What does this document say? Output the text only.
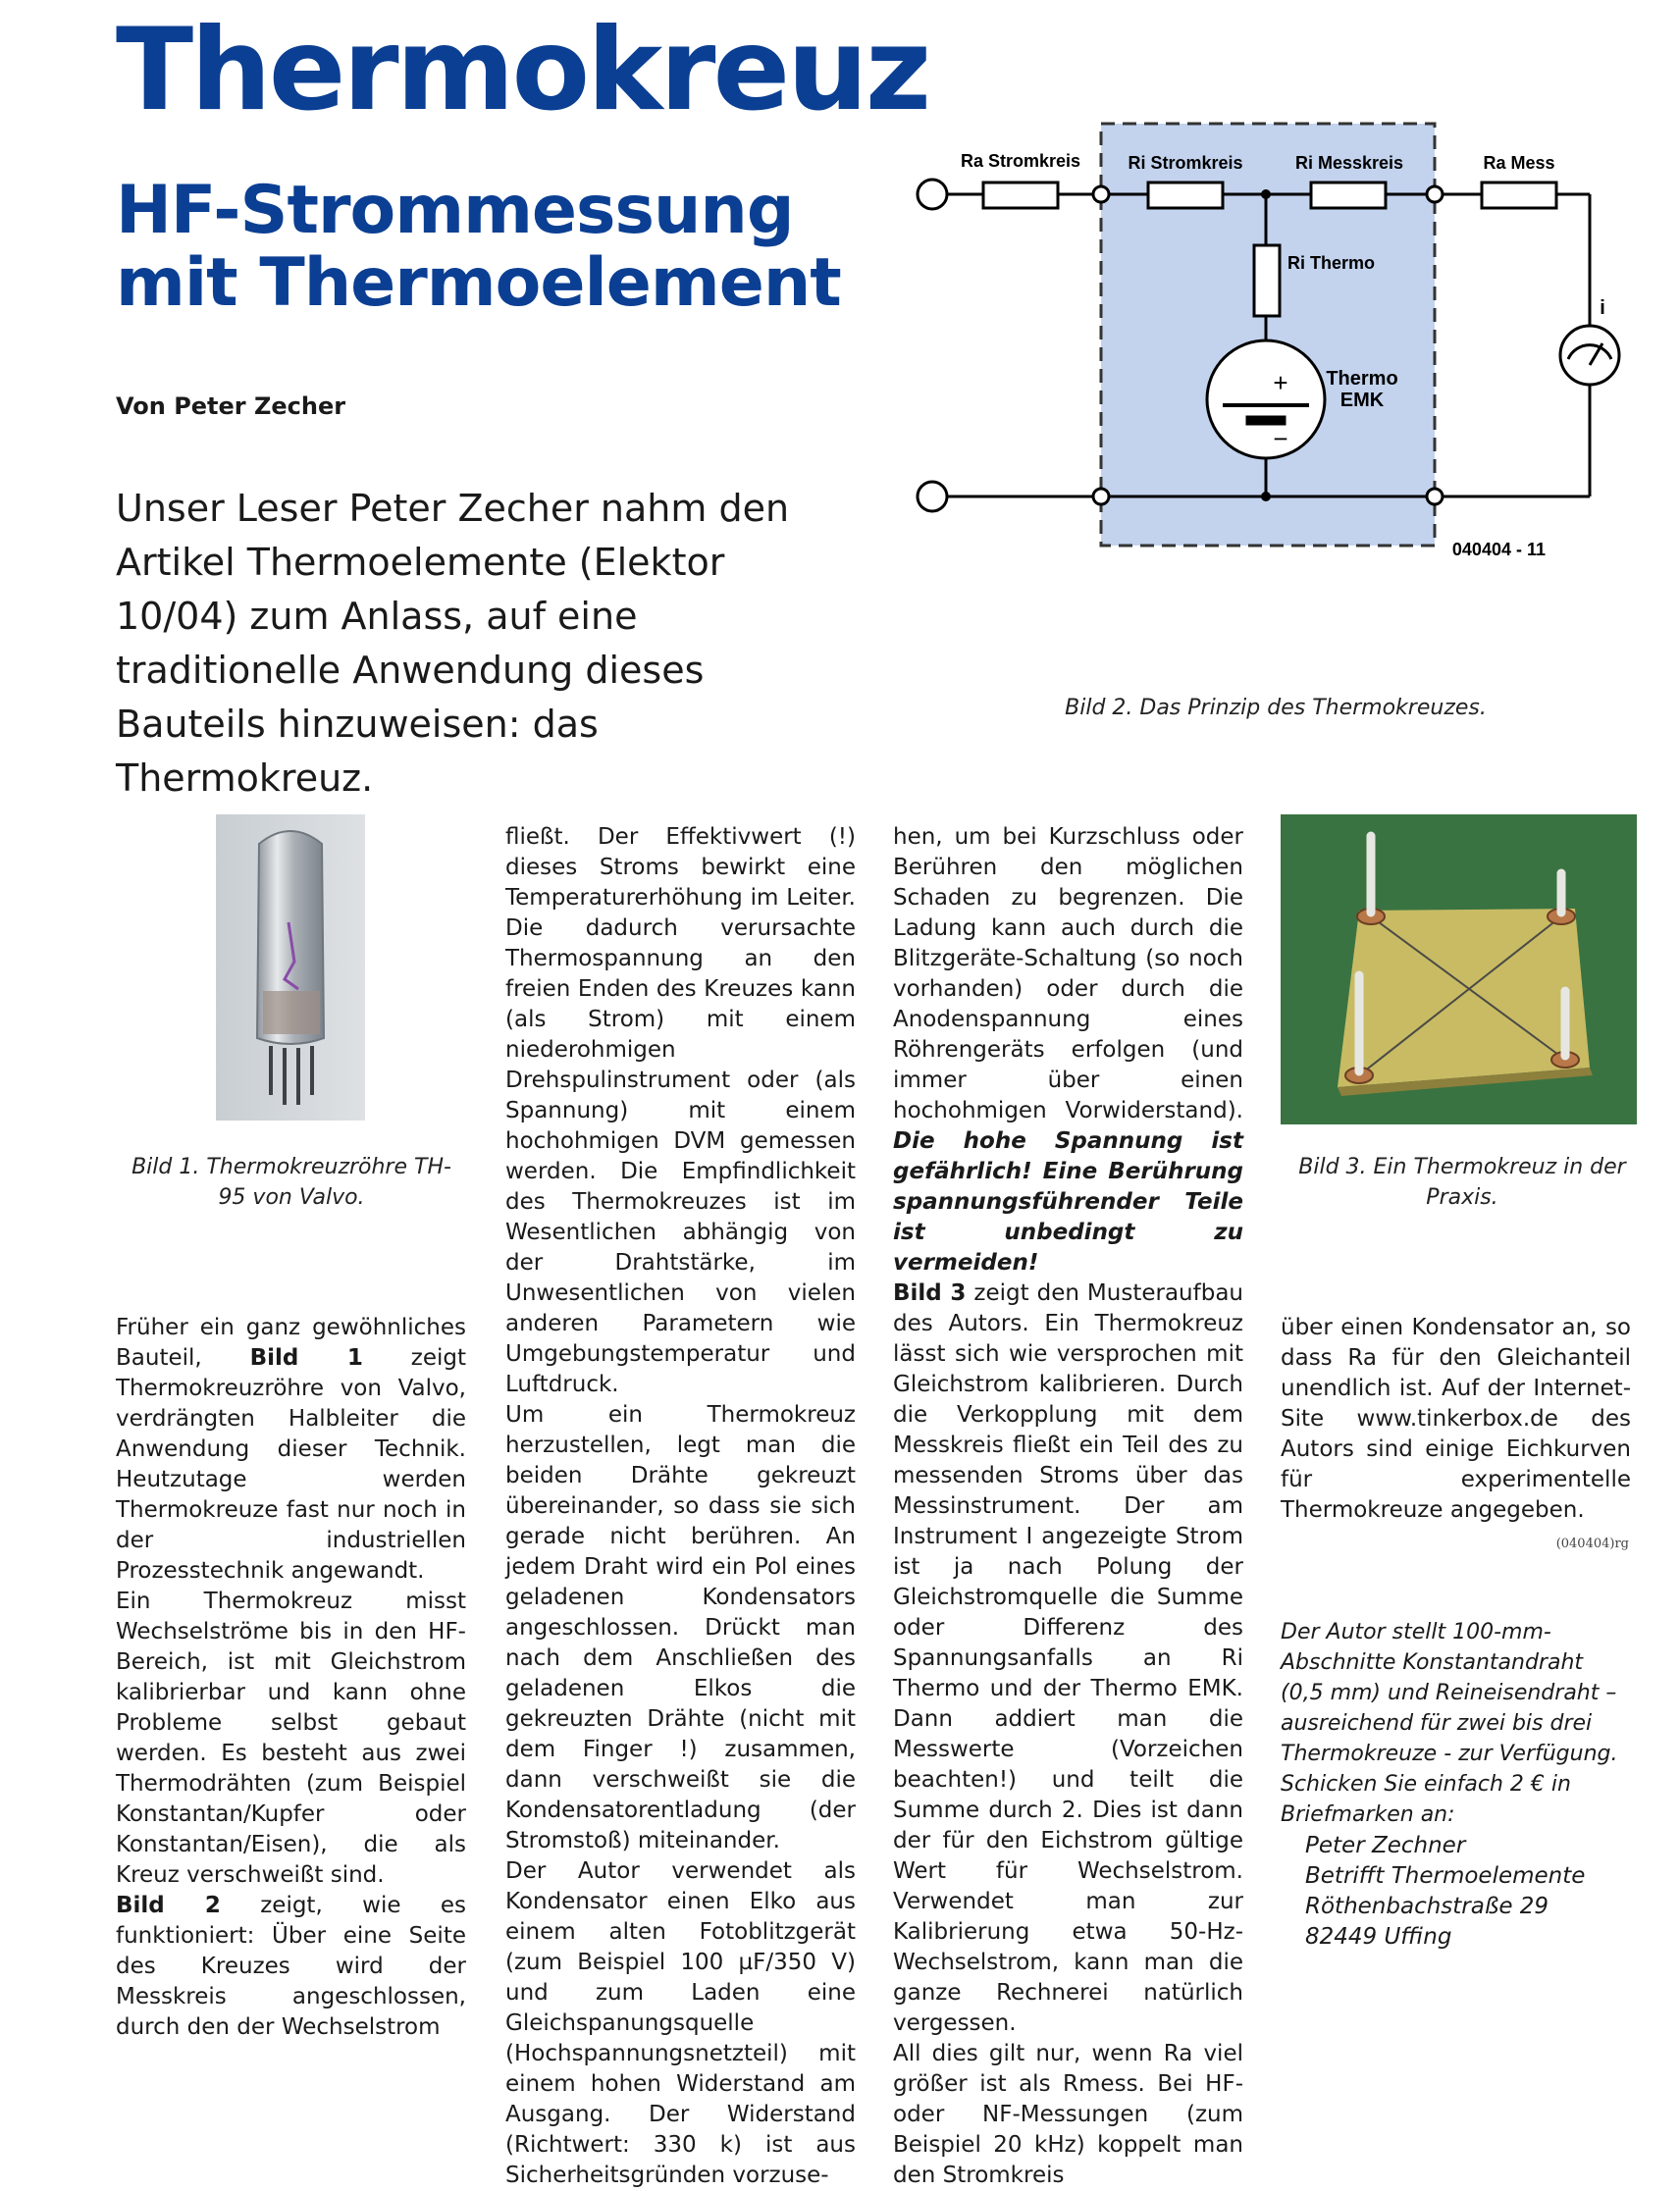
Thermokreuz
HF-Strommessung
mit Thermoelement
Von Peter Zecher
Unser Leser Peter Zecher nahm den Artikel Thermoelemente (Elektor 10/04) zum Anlass, auf eine traditionelle Anwendung dieses Bauteils hinzuweisen: das Thermokreuz.
Ra Stromkreis	Ri Stromkreis	Ri Messkreis	Ra Mess
Ri Thermo
Thermo
EMK
+
−
i
040404 - 11
Bild 2. Das Prinzip des Thermokreuzes.
Bild 1. Thermokreuzröhre TH-95 von Valvo.
Bild 3. Ein Thermokreuz in der Praxis.

Früher ein ganz gewöhnliches Bauteil, Bild 1 zeigt Thermokreuzröhre von Valvo, verdrängten Halbleiter die Anwendung dieser Technik. Heutzutage werden Thermokreuze fast nur noch in der industriellen Prozesstechnik angewandt.

Ein Thermokreuz misst Wechselströme bis in den HF-Bereich, ist mit Gleichstrom kalibrierbar und kann ohne Probleme selbst gebaut werden. Es besteht aus zwei Thermodrähten (zum Beispiel Konstantan/Kupfer oder Konstantan/Eisen), die als Kreuz verschweißt sind.

Bild 2 zeigt, wie es funktioniert: Über eine Seite des Kreuzes wird der Messkreis angeschlossen, durch den der Wechselstrom

fließt. Der Effektivwert (!) dieses Stroms bewirkt eine Temperaturerhöhung im Leiter. Die dadurch verursachte Thermospannung an den freien Enden des Kreuzes kann (als Strom) mit einem niederohmigen Drehspulinstrument oder (als Spannung) mit einem hochohmigen DVM gemessen werden. Die Empfindlichkeit des Thermokreuzes ist im Wesentlichen abhängig von der Drahtstärke, im Unwesentlichen von vielen anderen Parametern wie Umgebungstemperatur und Luftdruck.

Um ein Thermokreuz herzustellen, legt man die beiden Drähte gekreuzt übereinander, so dass sie sich gerade nicht berühren. An jedem Draht wird ein Pol eines geladenen Kondensators angeschlossen. Drückt man nach dem Anschließen des geladenen Elkos die gekreuzten Drähte (nicht mit dem Finger !) zusammen, dann verschweißt sie die Kondensatorentladung (der Stromstoß) miteinander.

Der Autor verwendet als Kondensator einen Elko aus einem alten Fotoblitzgerät (zum Beispiel 100 µF/350 V) und zum Laden eine Gleichspanungsquelle (Hochspannungsnetzteil) mit einem hohen Widerstand am Ausgang. Der Widerstand (Richtwert: 330 k) ist aus Sicherheitsgründen vorzuse-

hen, um bei Kurzschluss oder Berühren den möglichen Schaden zu begrenzen. Die Ladung kann auch durch die Blitzgeräte-Schaltung (so noch vorhanden) oder durch die Anodenspannung eines Röhrengeräts erfolgen (und immer über einen hochohmigen Vorwiderstand). Die hohe Spannung ist gefährlich! Eine Berührung spannungsführender Teile ist unbedingt zu vermeiden!

Bild 3 zeigt den Musteraufbau des Autors. Ein Thermokreuz lässt sich wie versprochen mit Gleichstrom kalibrieren. Durch die Verkopplung mit dem Messkreis fließt ein Teil des zu messenden Stroms über das Messinstrument. Der am Instrument I angezeigte Strom ist ja nach Polung der Gleichstromquelle die Summe oder Differenz des Spannungsanfalls an Ri Thermo und der Thermo EMK. Dann addiert man die Messwerte (Vorzeichen beachten!) und teilt die Summe durch 2. Dies ist dann der für den Eichstrom gültige Wert für Wechselstrom. Verwendet man zur Kalibrierung etwa 50-Hz-Wechselstrom, kann man die ganze Rechnerei natürlich vergessen.

All dies gilt nur, wenn Ra viel größer ist als Rmess. Bei HF- oder NF-Messungen (zum Beispiel 20 kHz) koppelt man den Stromkreis

über einen Kondensator an, so dass Ra für den Gleichanteil unendlich ist. Auf der Internet-Site www.tinkerbox.de des Autors sind einige Eichkurven für experimentelle Thermokreuze angegeben.

(040404)rg
Der Autor stellt 100-mm-Abschnitte Konstantandraht (0,5 mm) und Reineisendraht – ausreichend für zwei bis drei Thermokreuze - zur Verfügung. Schicken Sie einfach 2 € in Briefmarken an:
Peter Zechner
Betrifft Thermoelemente
Röthenbachstraße 29
82449 Uffing
